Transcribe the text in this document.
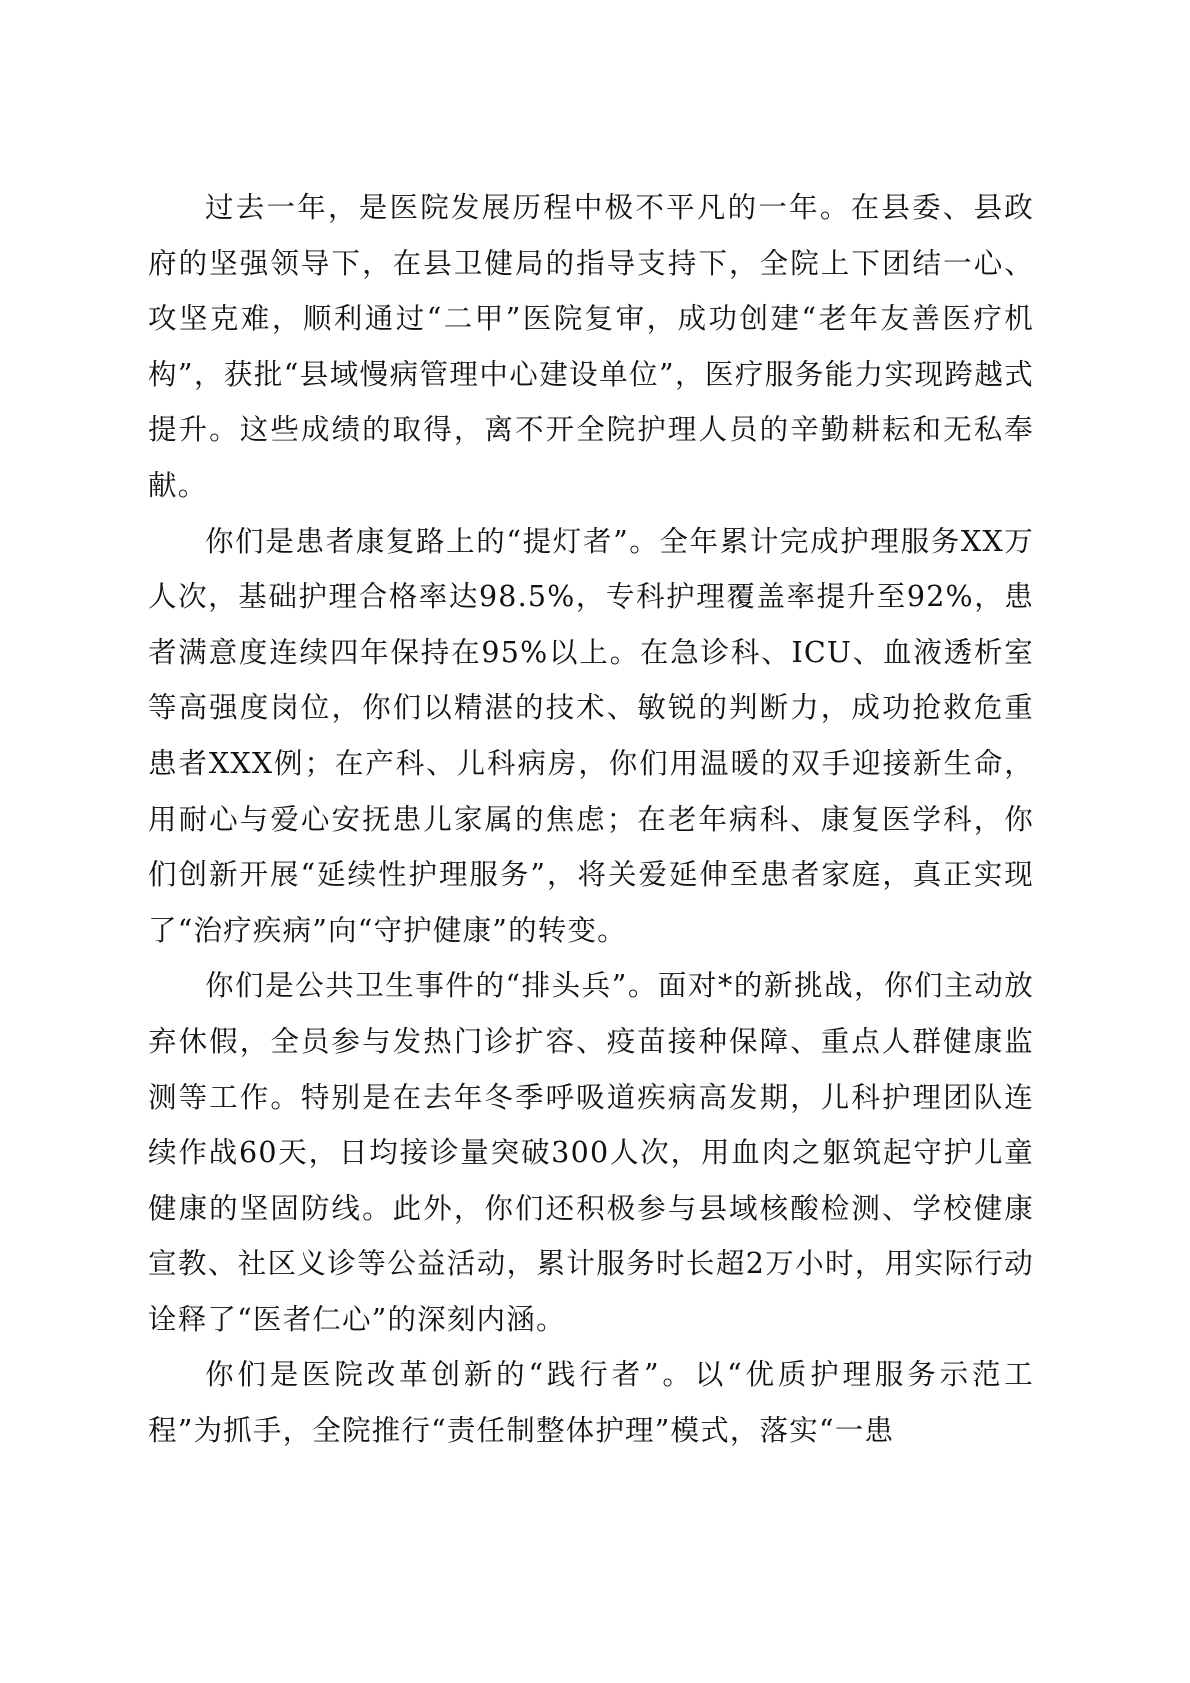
过去一年，是医院发展历程中极不平凡的一年。在县委、县政府的坚强领导下，在县卫健局的指导支持下，全院上下团结一心、攻坚克难，顺利通过“二甲”医院复审，成功创建“老年友善医疗机构”，获批“县域慢病管理中心建设单位”，医疗服务能力实现跨越式提升。这些成绩的取得，离不开全院护理人员的辛勤耕耘和无私奉献。

你们是患者康复路上的“提灯者”。全年累计完成护理服务XX万人次，基础护理合格率达98.5%，专科护理覆盖率提升至92%，患者满意度连续四年保持在95%以上。在急诊科、ICU、血液透析室等高强度岗位，你们以精湛的技术、敏锐的判断力，成功抢救危重患者XXX例；在产科、儿科病房，你们用温暖的双手迎接新生命，用耐心与爱心安抚患儿家属的焦虑；在老年病科、康复医学科，你们创新开展“延续性护理服务”，将关爱延伸至患者家庭，真正实现了“治疗疾病”向“守护健康”的转变。

你们是公共卫生事件的“排头兵”。面对*的新挑战，你们主动放弃休假，全员参与发热门诊扩容、疫苗接种保障、重点人群健康监测等工作。特别是在去年冬季呼吸道疾病高发期，儿科护理团队连续作战60天，日均接诊量突破300人次，用血肉之躯筑起守护儿童健康的坚固防线。此外，你们还积极参与县域核酸检测、学校健康宣教、社区义诊等公益活动，累计服务时长超2万小时，用实际行动诠释了“医者仁心”的深刻内涵。

你们是医院改革创新的“践行者”。以“优质护理服务示范工程”为抓手，全院推行“责任制整体护理”模式，落实“一患
